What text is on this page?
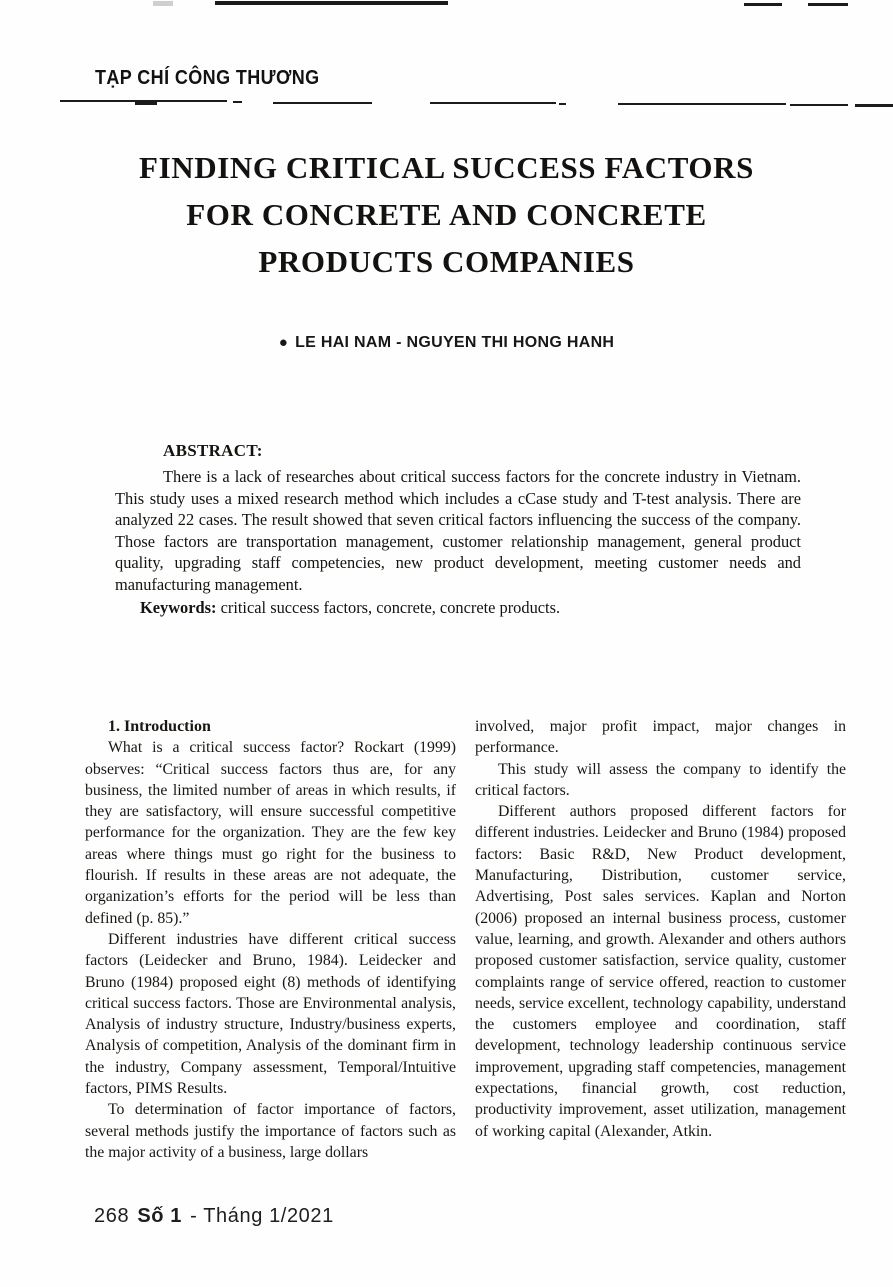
TẠP CHÍ CÔNG THƯƠNG
FINDING CRITICAL SUCCESS FACTORS
FOR CONCRETE AND CONCRETE
PRODUCTS COMPANIES
● LE HAI NAM - NGUYEN THI HONG HANH
ABSTRACT:

There is a lack of researches about critical success factors for the concrete industry in Vietnam. This study uses a mixed research method which includes a cCase study and T-test analysis. There are analyzed 22 cases. The result showed that seven critical factors influencing the success of the company. Those factors are transportation management, customer relationship management, general product quality, upgrading staff competencies, new product development, meeting customer needs and manufacturing management.

Keywords: critical success factors, concrete, concrete products.

1. Introduction

What is a critical success factor? Rockart (1999) observes: “Critical success factors thus are, for any business, the limited number of areas in which results, if they are satisfactory, will ensure successful competitive performance for the organization. They are the few key areas where things must go right for the business to flourish. If results in these areas are not adequate, the organization’s efforts for the period will be less than defined (p. 85).”

Different industries have different critical success factors (Leidecker and Bruno, 1984). Leidecker and Bruno (1984) proposed eight (8) methods of identifying critical success factors. Those are Environmental analysis, Analysis of industry structure, Industry/business experts, Analysis of competition, Analysis of the dominant firm in the industry, Company assessment, Temporal/Intuitive factors, PIMS Results.

To determination of factor importance of factors, several methods justify the importance of factors such as the major activity of a business, large dollars

involved, major profit impact, major changes in performance.

This study will assess the company to identify the critical factors.

Different authors proposed different factors for different industries. Leidecker and Bruno (1984) proposed factors: Basic R&D, New Product development, Manufacturing, Distribution, customer service, Advertising, Post sales services. Kaplan and Norton (2006) proposed an internal business process, customer value, learning, and growth. Alexander and others authors proposed customer satisfaction, service quality, customer complaints range of service offered, reaction to customer needs, service excellent, technology capability, understand the customers employee and coordination, staff development, technology leadership continuous service improvement, upgrading staff competencies, management expectations, financial growth, cost reduction, productivity improvement, asset utilization, management of working capital (Alexander, Atkin.

268 Số 1 - Tháng 1/2021
